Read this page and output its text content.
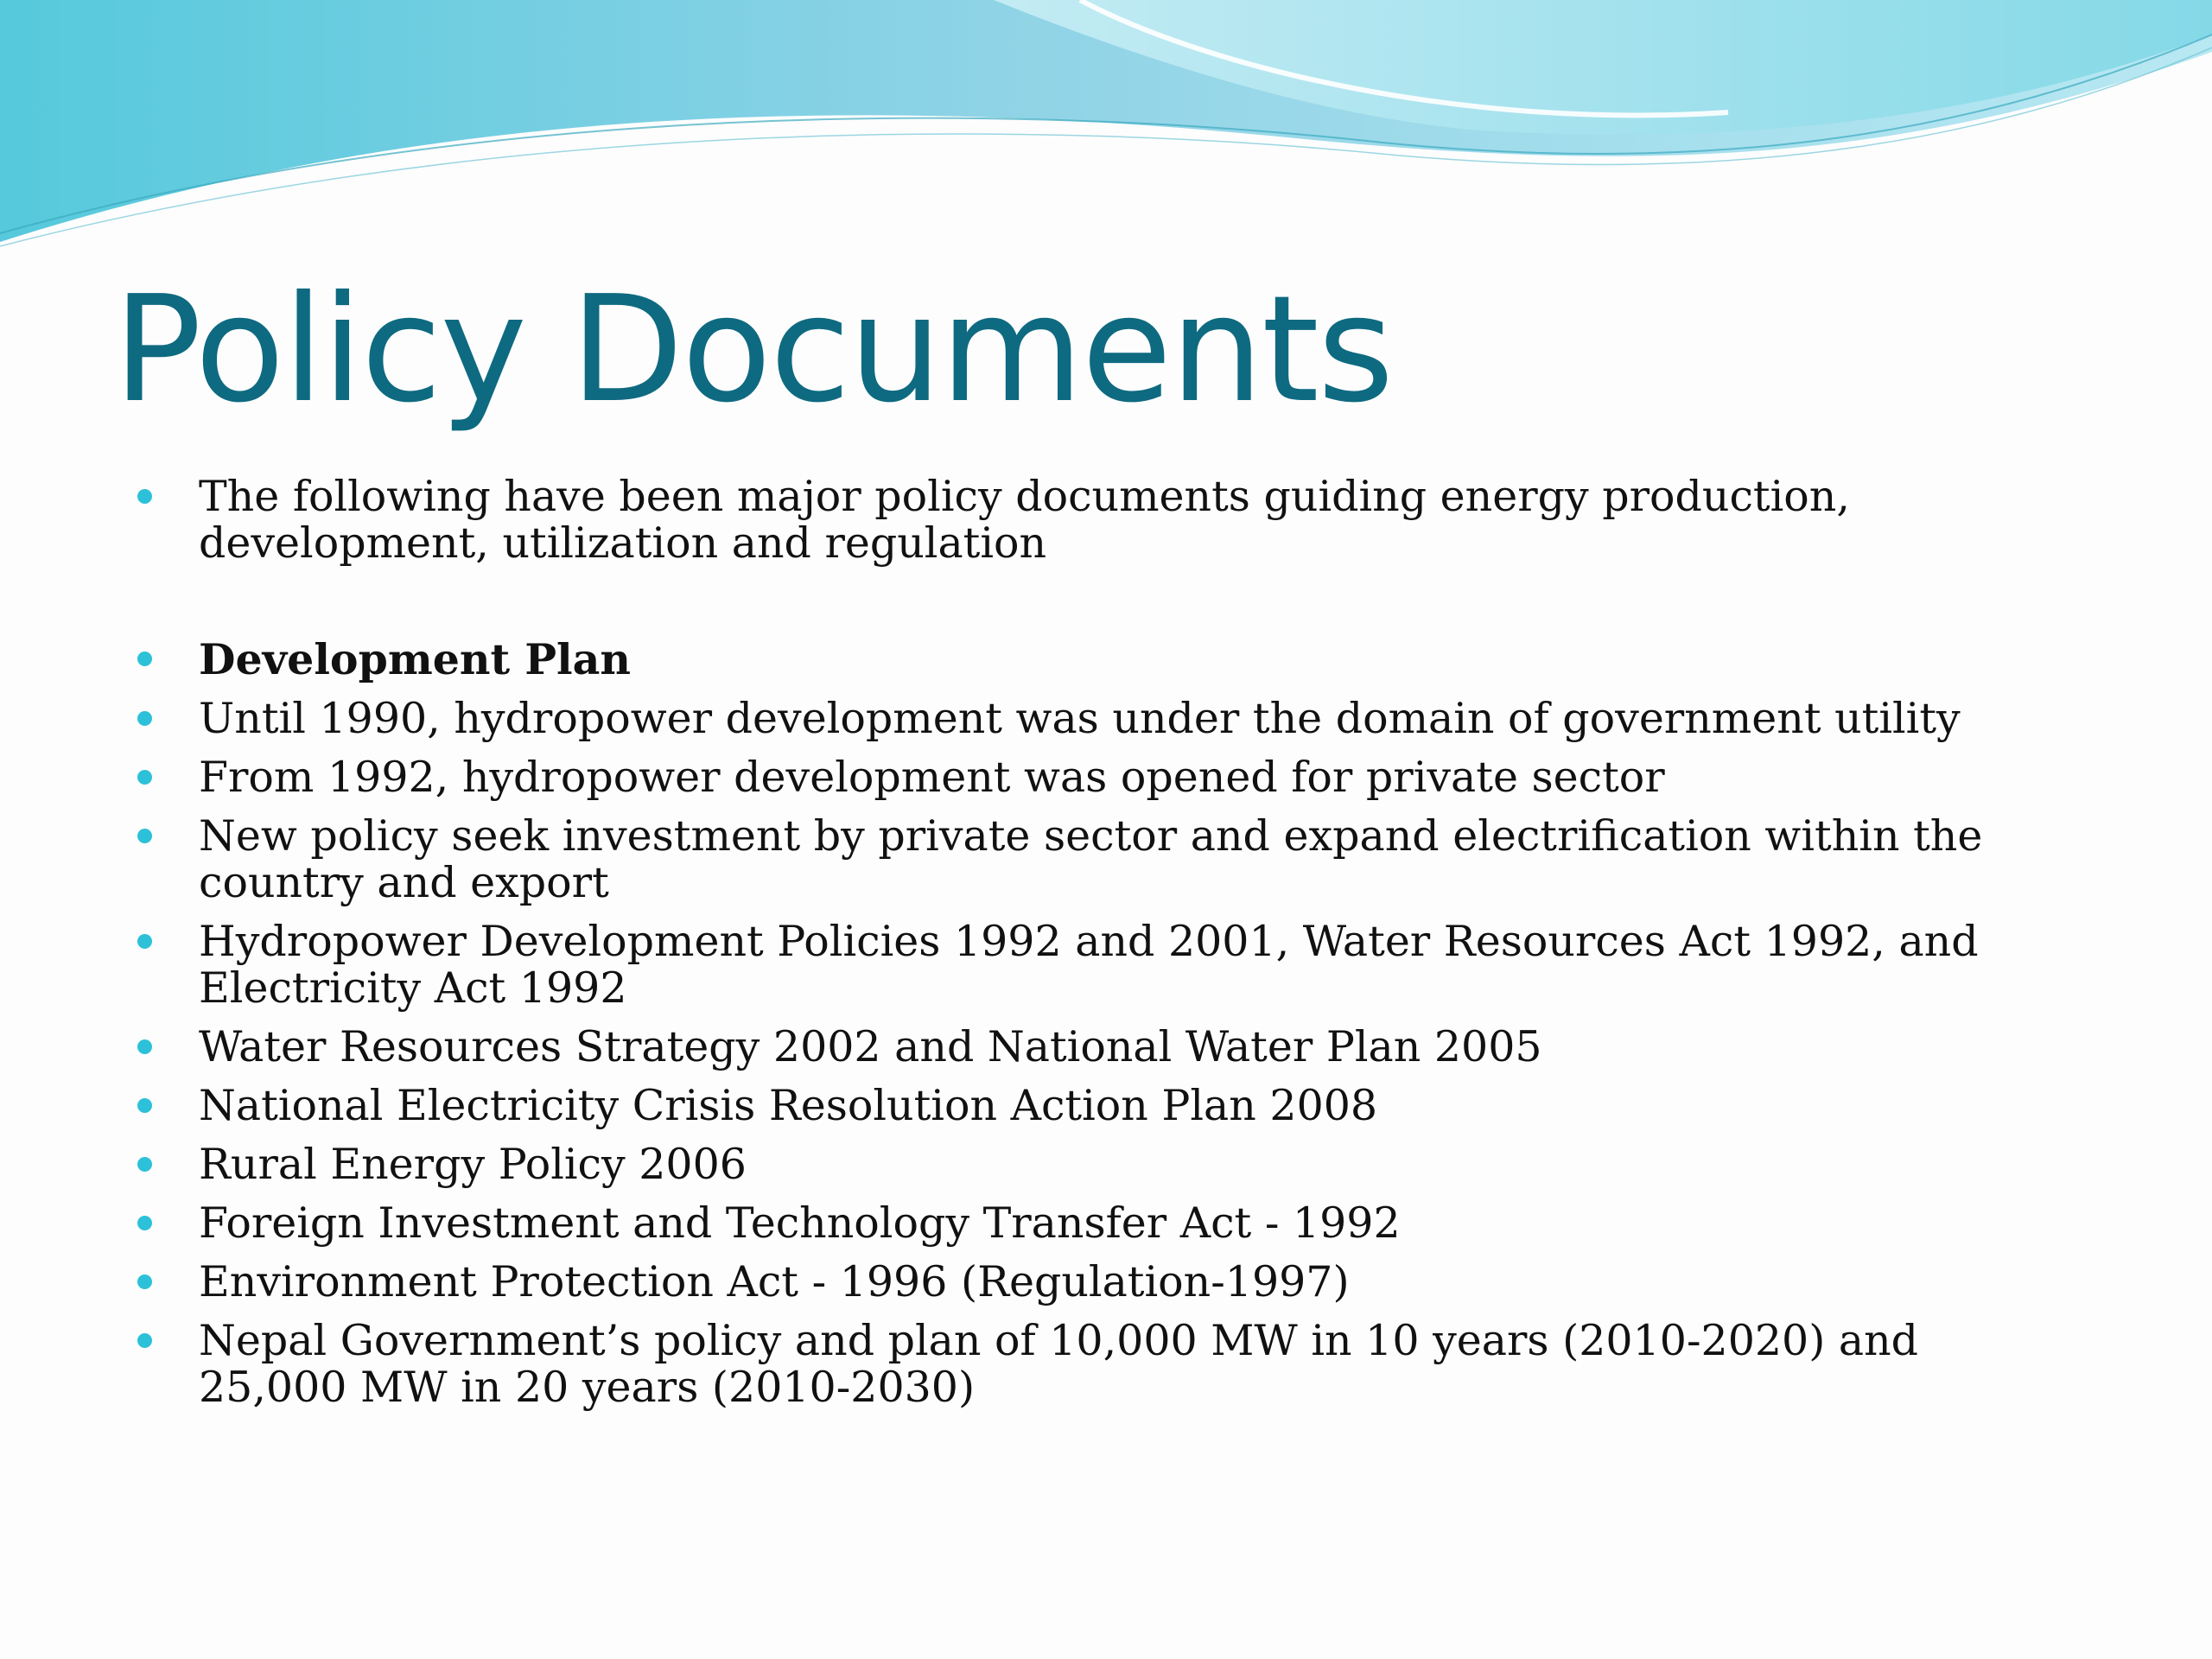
Policy Documents
The following have been major policy documents guiding energy production, development, utilization and regulation
Development Plan
Until 1990, hydropower development was under the domain of government utility
From 1992, hydropower development was opened for private sector
New policy seek investment by private sector and expand electrification within the country and export
Hydropower Development Policies 1992 and 2001, Water Resources Act 1992, and Electricity Act 1992
Water Resources Strategy 2002 and National Water Plan 2005
National Electricity Crisis Resolution Action Plan 2008
Rural Energy Policy 2006
Foreign Investment and Technology Transfer Act - 1992
Environment Protection Act - 1996 (Regulation-1997)
Nepal Government’s policy and plan of 10,000 MW in 10 years (2010-2020) and 25,000 MW in 20 years (2010-2030)
